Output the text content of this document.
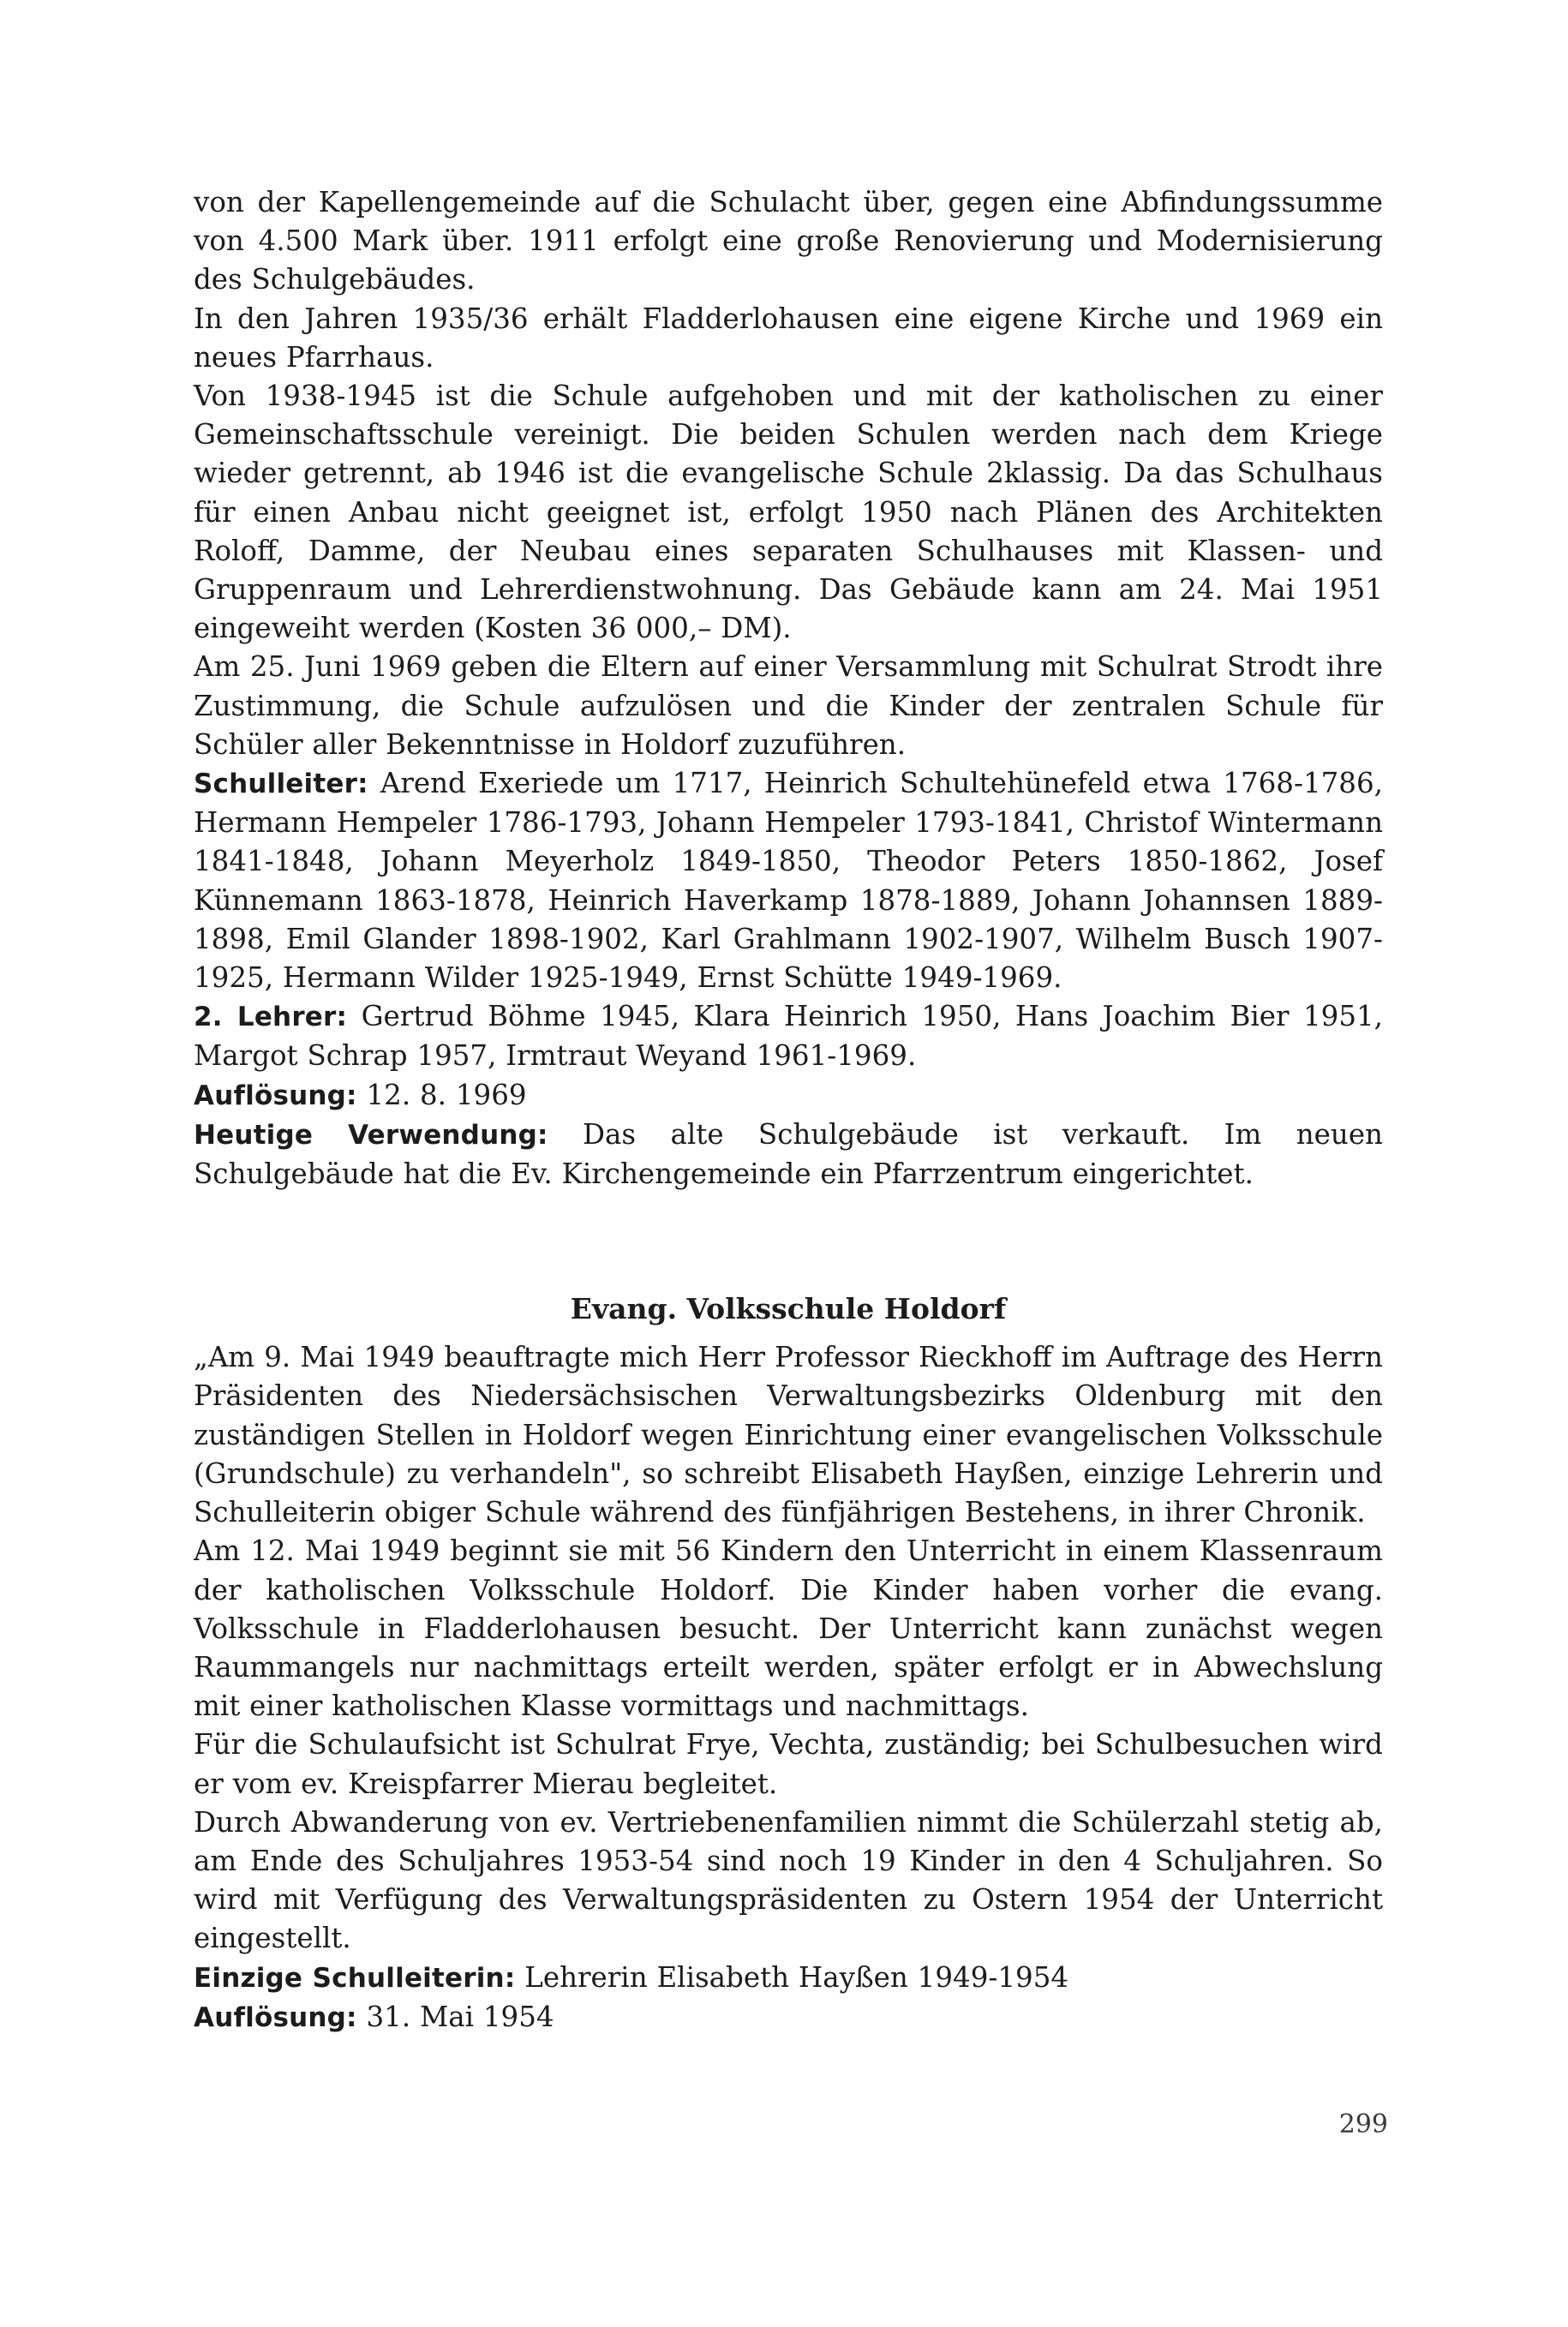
von der Kapellengemeinde auf die Schulacht über, gegen eine Abfindungssumme von 4.500 Mark über. 1911 erfolgt eine große Renovierung und Modernisierung des Schulgebäudes.

In den Jahren 1935/36 erhält Fladderlohausen eine eigene Kirche und 1969 ein neues Pfarrhaus.

Von 1938-1945 ist die Schule aufgehoben und mit der katholischen zu einer Gemeinschaftsschule vereinigt. Die beiden Schulen werden nach dem Kriege wieder getrennt, ab 1946 ist die evangelische Schule 2klassig. Da das Schulhaus für einen Anbau nicht geeignet ist, erfolgt 1950 nach Plänen des Architekten Roloff, Damme, der Neubau eines separaten Schulhauses mit Klassen- und Gruppenraum und Lehrerdienstwohnung. Das Gebäude kann am 24. Mai 1951 eingeweiht werden (Kosten 36 000,– DM).

Am 25. Juni 1969 geben die Eltern auf einer Versammlung mit Schulrat Strodt ihre Zustimmung, die Schule aufzulösen und die Kinder der zentralen Schule für Schüler aller Bekenntnisse in Holdorf zuzuführen.

Schulleiter: Arend Exeriede um 1717, Heinrich Schultehünefeld etwa 1768-1786, Hermann Hempeler 1786-1793, Johann Hempeler 1793-1841, Christof Wintermann 1841-1848, Johann Meyerholz 1849-1850, Theodor Peters 1850-1862, Josef Künnemann 1863-1878, Heinrich Haverkamp 1878-1889, Johann Johannsen 1889-1898, Emil Glander 1898-1902, Karl Grahlmann 1902-1907, Wilhelm Busch 1907-1925, Hermann Wilder 1925-1949, Ernst Schütte 1949-1969.

2. Lehrer: Gertrud Böhme 1945, Klara Heinrich 1950, Hans Joachim Bier 1951, Margot Schrap 1957, Irmtraut Weyand 1961-1969.

Auflösung: 12. 8. 1969

Heutige Verwendung: Das alte Schulgebäude ist verkauft. Im neuen Schulgebäude hat die Ev. Kirchengemeinde ein Pfarrzentrum eingerichtet.

Evang. Volksschule Holdorf

„Am 9. Mai 1949 beauftragte mich Herr Professor Rieckhoff im Auftrage des Herrn Präsidenten des Niedersächsischen Verwaltungsbezirks Oldenburg mit den zuständigen Stellen in Holdorf wegen Einrichtung einer evangelischen Volksschule (Grundschule) zu verhandeln", so schreibt Elisabeth Hayßen, einzige Lehrerin und Schulleiterin obiger Schule während des fünfjährigen Bestehens, in ihrer Chronik.

Am 12. Mai 1949 beginnt sie mit 56 Kindern den Unterricht in einem Klassenraum der katholischen Volksschule Holdorf. Die Kinder haben vorher die evang. Volksschule in Fladderlohausen besucht. Der Unterricht kann zunächst wegen Raummangels nur nachmittags erteilt werden, später erfolgt er in Abwechslung mit einer katholischen Klasse vormittags und nachmittags.

Für die Schulaufsicht ist Schulrat Frye, Vechta, zuständig; bei Schulbesuchen wird er vom ev. Kreispfarrer Mierau begleitet.

Durch Abwanderung von ev. Vertriebenenfamilien nimmt die Schülerzahl stetig ab, am Ende des Schuljahres 1953-54 sind noch 19 Kinder in den 4 Schuljahren. So wird mit Verfügung des Verwaltungspräsidenten zu Ostern 1954 der Unterricht eingestellt.

Einzige Schulleiterin: Lehrerin Elisabeth Hayßen 1949-1954

Auflösung: 31. Mai 1954

299
